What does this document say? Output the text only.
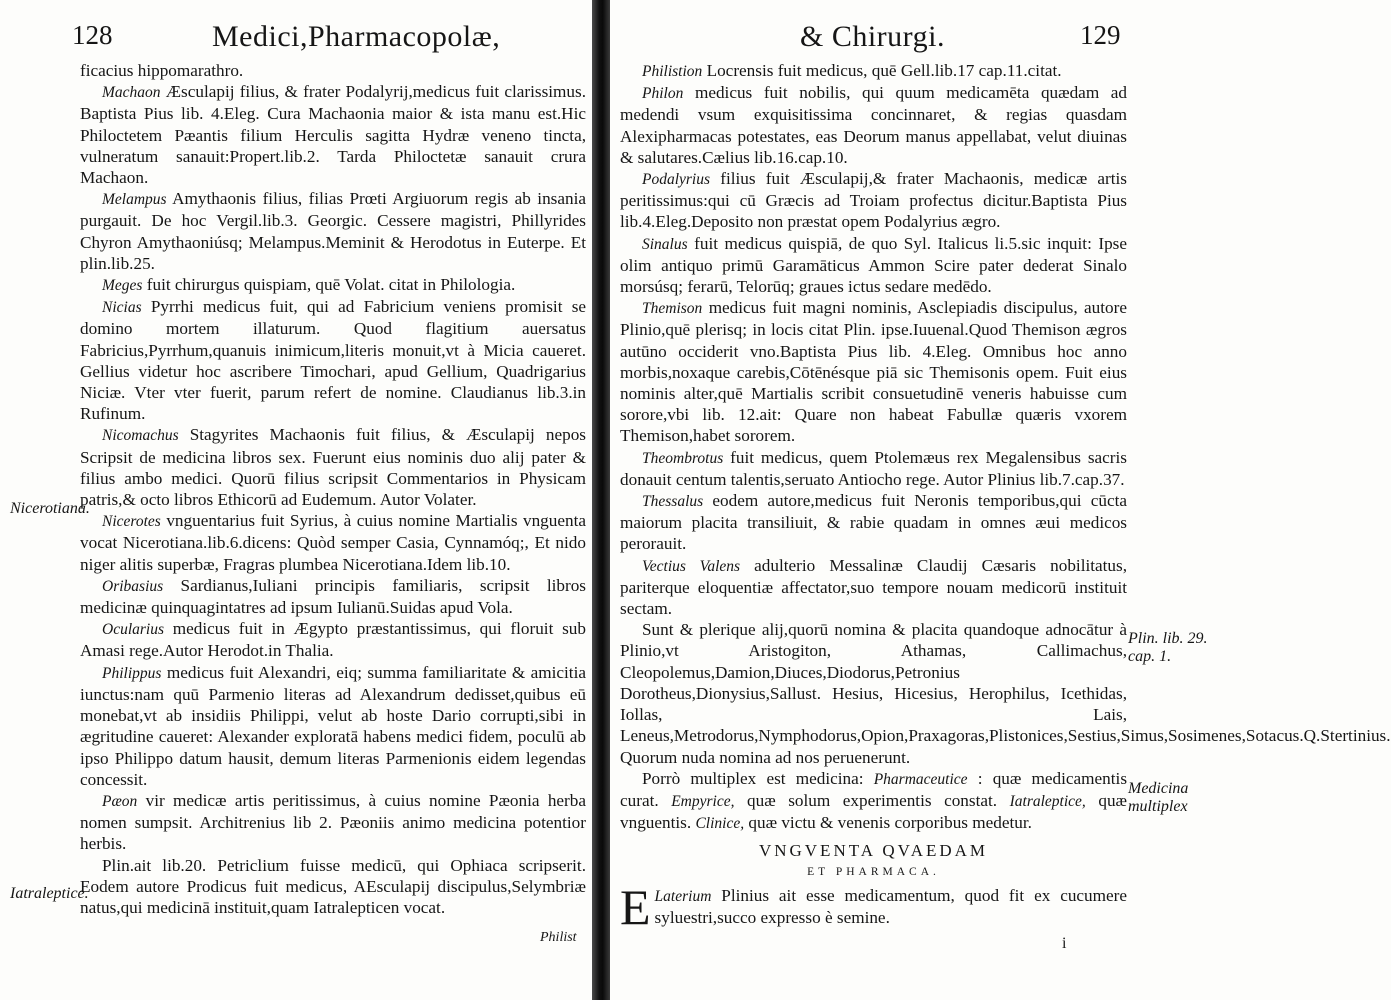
128	Medici,Pharmacopolæ,

ficacius hippomarathro.

Machaon Æsculapij filius, & frater Podalyrij,medicus fuit clarissimus. Baptista Pius lib. 4.Eleg. Cura Machaonia maior & ista manu est.Hic Philoctetem Pæantis filium Herculis sagitta Hydræ veneno tincta, vulneratum sanauit:Propert.lib.2. Tarda Philoctetæ sanauit crura Machaon.

Melampus Amythaonis filius, filias Prœti Argiuorum regis ab insania purgauit. De hoc Vergil.lib.3. Georgic. Cessere magistri, Phillyrides Chyron Amythaoniúsq; Melampus.Meminit & Herodotus in Euterpe. Et plin.lib.25.

Meges fuit chirurgus quispiam, quē Volat. citat in Philologia.

Nicias Pyrrhi medicus fuit, qui ad Fabricium veniens promisit se domino mortem illaturum. Quod flagitium auersatus Fabricius,Pyrrhum,quanuis inimicum,literis monuit,vt à Micia caueret. Gellius videtur hoc ascribere Timochari, apud Gellium, Quadrigarius Niciæ. Vter vter fuerit, parum refert de nomine. Claudianus lib.3.in Rufinum.

Nicomachus Stagyrites Machaonis fuit filius, & Æsculapij nepos Scripsit de medicina libros sex. Fuerunt eius nominis duo alij pater & filius ambo medici. Quorū filius scripsit Commentarios in Physicam patris,& octo libros Ethicorū ad Eudemum. Autor Volater.

Nicerotes vnguentarius fuit Syrius, à cuius nomine Martialis vnguenta vocat Nicerotiana.lib.6.dicens: Quòd semper Casia, Cynnamóq;, Et nido niger alitis superbæ, Fragras plumbea Nicerotiana.Idem lib.10.

Oribasius Sardianus,Iuliani principis familiaris, scripsit libros medicinæ quinquagintatres ad ipsum Iulianū.Suidas apud Vola.

Ocularius medicus fuit in Ægypto præstantissimus, qui floruit sub Amasi rege.Autor Herodot.in Thalia.

Philippus medicus fuit Alexandri, eiq; summa familiaritate & amicitia iunctus:nam quū Parmenio literas ad Alexandrum dedisset,quibus eū monebat,vt ab insidiis Philippi, velut ab hoste Dario corrupti,sibi in ægritudine caueret: Alexander exploratā habens medici fidem, poculū ab ipso Philippo datum hausit, demum literas Parmenionis eidem legendas concessit.

Pæon vir medicæ artis peritissimus, à cuius nomine Pæonia herba nomen sumpsit. Architrenius lib 2. Pæoniis animo medicina potentior herbis.

Plin.ait lib.20. Petriclium fuisse medicū, qui Ophiaca scripserit. Eodem autore Prodicus fuit medicus, AEsculapij discipulus,Selymbriæ natus,qui medicinā instituit,quam Iatralepticen vocat.

Nicerotiana.
Iatraleptice.
Philist
& Chirurgi.	129

Philistion Locrensis fuit medicus, quē Gell.lib.17 cap.11.citat.

Philon medicus fuit nobilis, qui quum medicamēta quædam ad medendi vsum exquisitissima concinnaret, & regias quasdam Alexipharmacas potestates, eas Deorum manus appellabat, velut diuinas & salutares.Cælius lib.16.cap.10.

Podalyrius filius fuit Æsculapij,& frater Machaonis, medicæ artis peritissimus:qui cū Græcis ad Troiam profectus dicitur.Baptista Pius lib.4.Eleg.Deposito non præstat opem Podalyrius ægro.

Sinalus fuit medicus quispiā, de quo Syl. Italicus li.5.sic inquit: Ipse olim antiquo primū Garamāticus Ammon Scire pater dederat Sinalo morsúsq; ferarū, Telorūq; graues ictus sedare medēdo.

Themison medicus fuit magni nominis, Asclepiadis discipulus, autore Plinio,quē plerisq; in locis citat Plin. ipse.Iuuenal.Quod Themison ægros autūno occiderit vno.Baptista Pius lib. 4.Eleg. Omnibus hoc anno morbis,noxaque carebis,Cōtēnésque piā sic Themisonis opem. Fuit eius nominis alter,quē Martialis scribit consuetudinē veneris habuisse cum sorore,vbi lib. 12.ait: Quare non habeat Fabullæ quæris vxorem Themison,habet sororem.

Theombrotus fuit medicus, quem Ptolemæus rex Megalensibus sacris donauit centum talentis,seruato Antiocho rege. Autor Plinius lib.7.cap.37.

Thessalus eodem autore,medicus fuit Neronis temporibus,qui cūcta maiorum placita transiliuit, & rabie quadam in omnes æui medicos perorauit.

Vectius Valens adulterio Messalinæ Claudij Cæsaris nobilitatus, pariterque eloquentiæ affectator,suo tempore nouam medicorū instituit sectam.

Sunt & plerique alij,quorū nomina & placita quandoque adnocātur à Plinio,vt Aristogiton, Athamas, Callimachus, Cleopolemus,Damion,Diuces,Diodorus,Petronius Dorotheus,Dionysius,Sallust. Hesius, Hicesius, Herophilus, Icethidas, Iollas, Lais, Leneus,Metrodorus,Nymphodorus,Opion,Praxagoras,Plistonices,Sestius,Simus,Sosimenes,Sotacus.Q.Stertinius. Quorum nuda nomina ad nos peruenerunt.

Porrò multiplex est medicina: Pharmaceutice : quæ medicamentis curat. Empyrice, quæ solum experimentis constat. Iatraleptice, quæ vnguentis. Clinice, quæ victu & venenis corporibus medetur.

VNGVENTA QVAEDAM
ET PHARMACA.

E Laterium Plinius ait esse medicamentum, quod fit ex cucumere syluestri,succo expresso è semine.

Plin. lib. 29. cap. 1.
Medicina multiplex
i
